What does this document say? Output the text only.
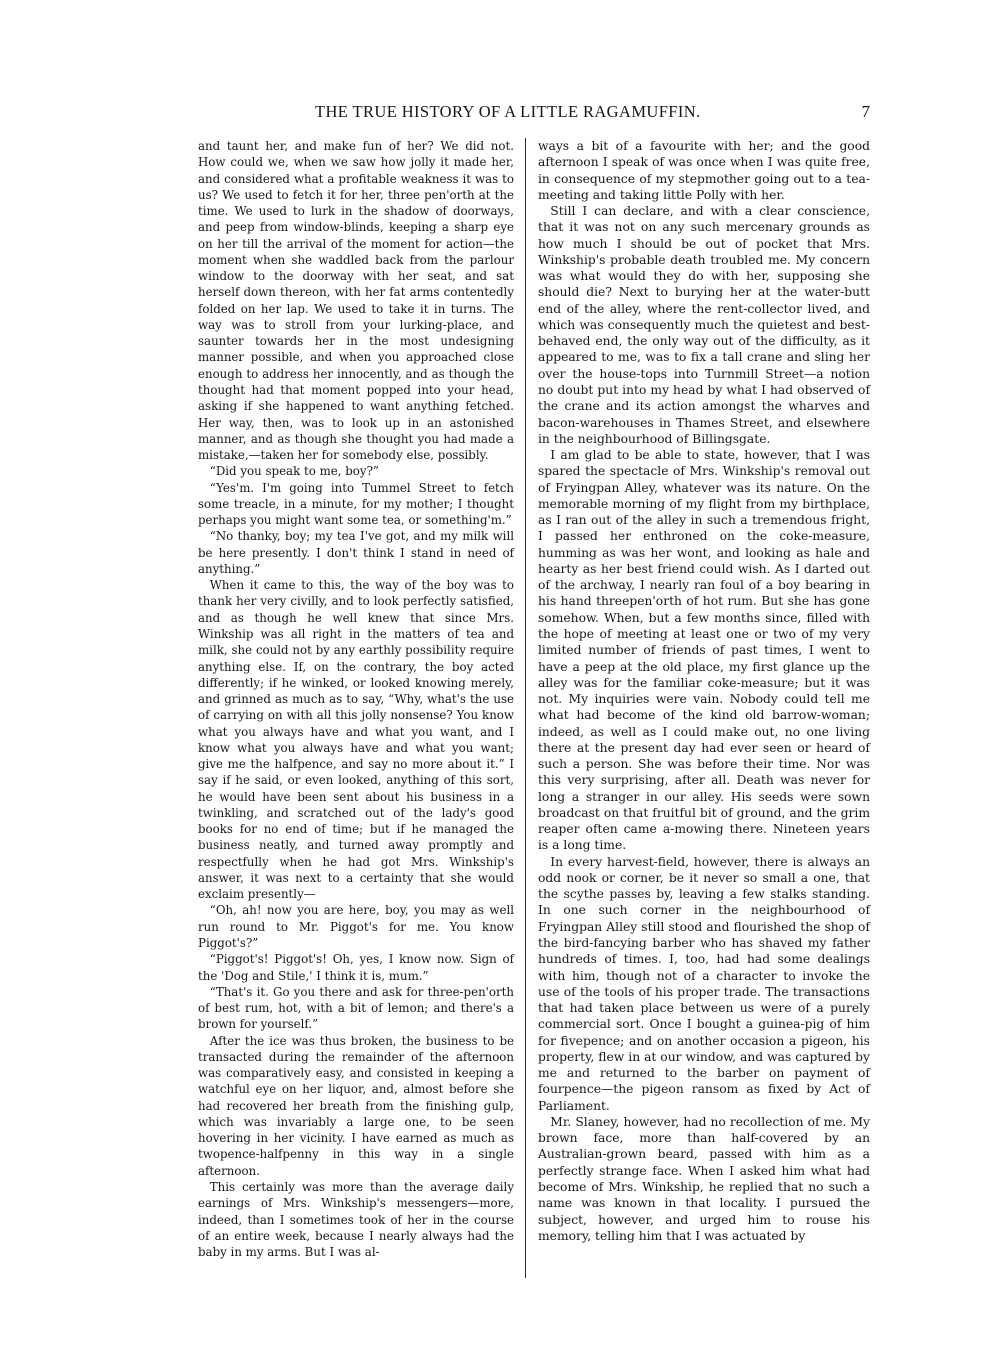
THE TRUE HISTORY OF A LITTLE RAGAMUFFIN.	7

and taunt her, and make fun of her? We did not. How could we, when we saw how jolly it made her, and considered what a profitable weakness it was to us? We used to fetch it for her, three pen'orth at the time. We used to lurk in the shadow of doorways, and peep from window-blinds, keeping a sharp eye on her till the arrival of the moment for action—the moment when she waddled back from the parlour window to the doorway with her seat, and sat herself down thereon, with her fat arms contentedly folded on her lap. We used to take it in turns. The way was to stroll from your lurking-place, and saunter towards her in the most undesigning manner possible, and when you approached close enough to address her innocently, and as though the thought had that moment popped into your head, asking if she happened to want anything fetched. Her way, then, was to look up in an astonished manner, and as though she thought you had made a mistake,—taken her for somebody else, possibly.

“Did you speak to me, boy?”

“Yes'm. I'm going into Tummel Street to fetch some treacle, in a minute, for my mother; I thought perhaps you might want some tea, or something'm.”

“No thanky, boy; my tea I've got, and my milk will be here presently. I don't think I stand in need of anything.”

When it came to this, the way of the boy was to thank her very civilly, and to look perfectly satisfied, and as though he well knew that since Mrs. Winkship was all right in the matters of tea and milk, she could not by any earthly possibility require anything else. If, on the contrary, the boy acted differently; if he winked, or looked knowing merely, and grinned as much as to say, “Why, what's the use of carrying on with all this jolly nonsense? You know what you always have and what you want, and I know what you always have and what you want; give me the halfpence, and say no more about it.” I say if he said, or even looked, anything of this sort, he would have been sent about his business in a twinkling, and scratched out of the lady's good books for no end of time; but if he managed the business neatly, and turned away promptly and respectfully when he had got Mrs. Winkship's answer, it was next to a certainty that she would exclaim presently—

“Oh, ah! now you are here, boy, you may as well run round to Mr. Piggot's for me. You know Piggot's?”

“Piggot's! Piggot's! Oh, yes, I know now. Sign of the 'Dog and Stile,' I think it is, mum.”

“That's it. Go you there and ask for three-pen'orth of best rum, hot, with a bit of lemon; and there's a brown for yourself.”

After the ice was thus broken, the business to be transacted during the remainder of the afternoon was comparatively easy, and consisted in keeping a watchful eye on her liquor, and, almost before she had recovered her breath from the finishing gulp, which was invariably a large one, to be seen hovering in her vicinity. I have earned as much as twopence-halfpenny in this way in a single afternoon.

This certainly was more than the average daily earnings of Mrs. Winkship's messengers—more, indeed, than I sometimes took of her in the course of an entire week, because I nearly always had the baby in my arms. But I was al-

ways a bit of a favourite with her; and the good afternoon I speak of was once when I was quite free, in consequence of my stepmother going out to a tea-meeting and taking little Polly with her.

Still I can declare, and with a clear conscience, that it was not on any such mercenary grounds as how much I should be out of pocket that Mrs. Winkship's probable death troubled me. My concern was what would they do with her, supposing she should die? Next to burying her at the water-butt end of the alley, where the rent-collector lived, and which was consequently much the quietest and best-behaved end, the only way out of the difficulty, as it appeared to me, was to fix a tall crane and sling her over the house-tops into Turnmill Street—a notion no doubt put into my head by what I had observed of the crane and its action amongst the wharves and bacon-warehouses in Thames Street, and elsewhere in the neighbourhood of Billingsgate.

I am glad to be able to state, however, that I was spared the spectacle of Mrs. Winkship's removal out of Fryingpan Alley, whatever was its nature. On the memorable morning of my flight from my birthplace, as I ran out of the alley in such a tremendous fright, I passed her enthroned on the coke-measure, humming as was her wont, and looking as hale and hearty as her best friend could wish. As I darted out of the archway, I nearly ran foul of a boy bearing in his hand threepen'orth of hot rum. But she has gone somehow. When, but a few months since, filled with the hope of meeting at least one or two of my very limited number of friends of past times, I went to have a peep at the old place, my first glance up the alley was for the familiar coke-measure; but it was not. My inquiries were vain. Nobody could tell me what had become of the kind old barrow-woman; indeed, as well as I could make out, no one living there at the present day had ever seen or heard of such a person. She was before their time. Nor was this very surprising, after all. Death was never for long a stranger in our alley. His seeds were sown broadcast on that fruitful bit of ground, and the grim reaper often came a-mowing there. Nineteen years is a long time.

In every harvest-field, however, there is always an odd nook or corner, be it never so small a one, that the scythe passes by, leaving a few stalks standing. In one such corner in the neighbourhood of Fryingpan Alley still stood and flourished the shop of the bird-fancying barber who has shaved my father hundreds of times. I, too, had had some dealings with him, though not of a character to invoke the use of the tools of his proper trade. The transactions that had taken place between us were of a purely commercial sort. Once I bought a guinea-pig of him for fivepence; and on another occasion a pigeon, his property, flew in at our window, and was captured by me and returned to the barber on payment of fourpence—the pigeon ransom as fixed by Act of Parliament.

Mr. Slaney, however, had no recollection of me. My brown face, more than half-covered by an Australian-grown beard, passed with him as a perfectly strange face. When I asked him what had become of Mrs. Winkship, he replied that no such a name was known in that locality. I pursued the subject, however, and urged him to rouse his memory, telling him that I was actuated by
